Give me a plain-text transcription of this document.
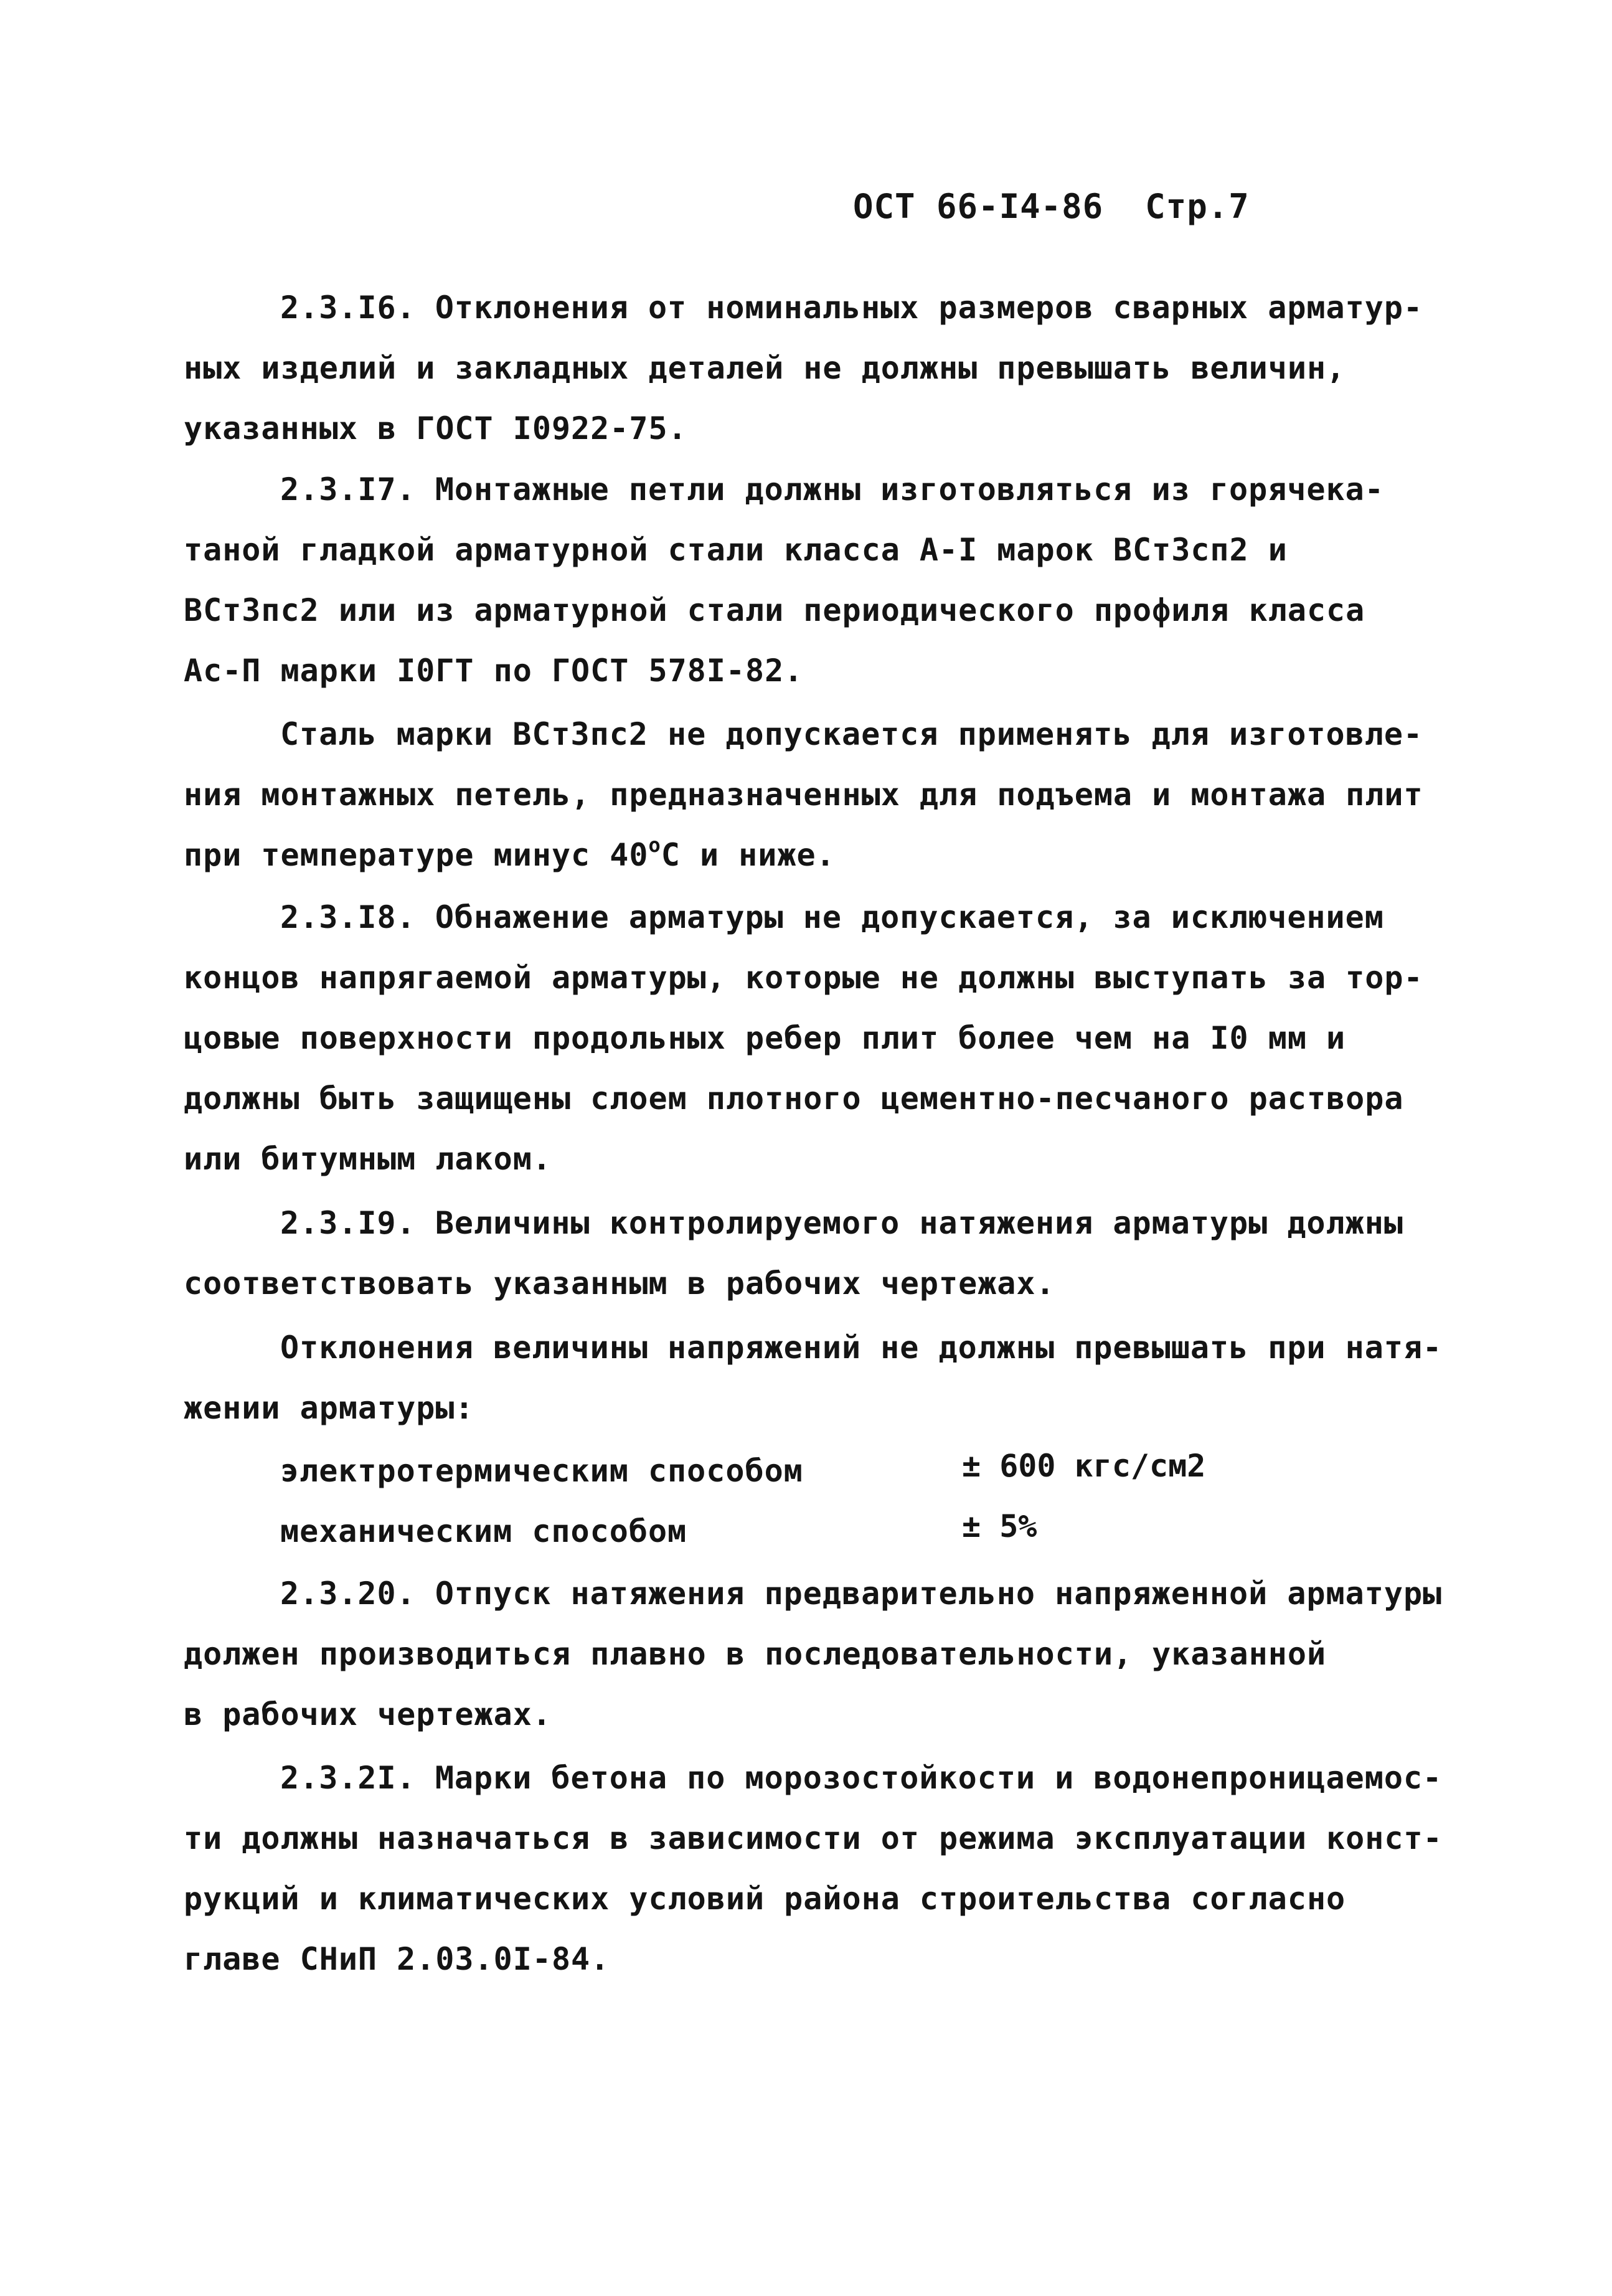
ОСТ 66-I4-86 Стр.7
2.3.I6. Отклонения от номинальных размеров сварных арматур-
ных изделий и закладных деталей не должны превышать величин,
указанных в ГОСТ I0922-75.
2.3.I7. Монтажные петли должны изготовляться из горячека-
таной гладкой арматурной стали класса А-I марок ВСт3сп2 и
ВСт3пс2 или из арматурной стали периодического профиля класса
Ас-П марки I0ГТ по ГОСТ 578I-82.
Сталь марки ВСт3пс2 не допускается применять для изготовле-
ния монтажных петель, предназначенных для подъема и монтажа плит
при температуре минус $40^оС$ и ниже.
2.3.I8. Обнажение арматуры не допускается, за исключением
концов напрягаемой арматуры, которые не должны выступать за тор-
цовые поверхности продольных ребер плит более чем на I0 мм и
должны быть защищены слоем плотного цементно-песчаного раствора
или битумным лаком.
2.3.I9. Величины контролируемого натяжения арматуры должны
соответствовать указанным в рабочих чертежах.
Отклонения величины напряжений не должны превышать при натя-
жении арматуры:
электротермическим способом	± 600 кгс/см2
механическим способом	± 5%
2.3.20. Отпуск натяжения предварительно напряженной арматуры
должен производиться плавно в последовательности, указанной
в рабочих чертежах.
2.3.2I. Марки бетона по морозостойкости и водонепроницаемос-
ти должны назначаться в зависимости от режима эксплуатации конст-
рукций и климатических условий района строительства согласно
главе СНиП 2.03.0I-84.
